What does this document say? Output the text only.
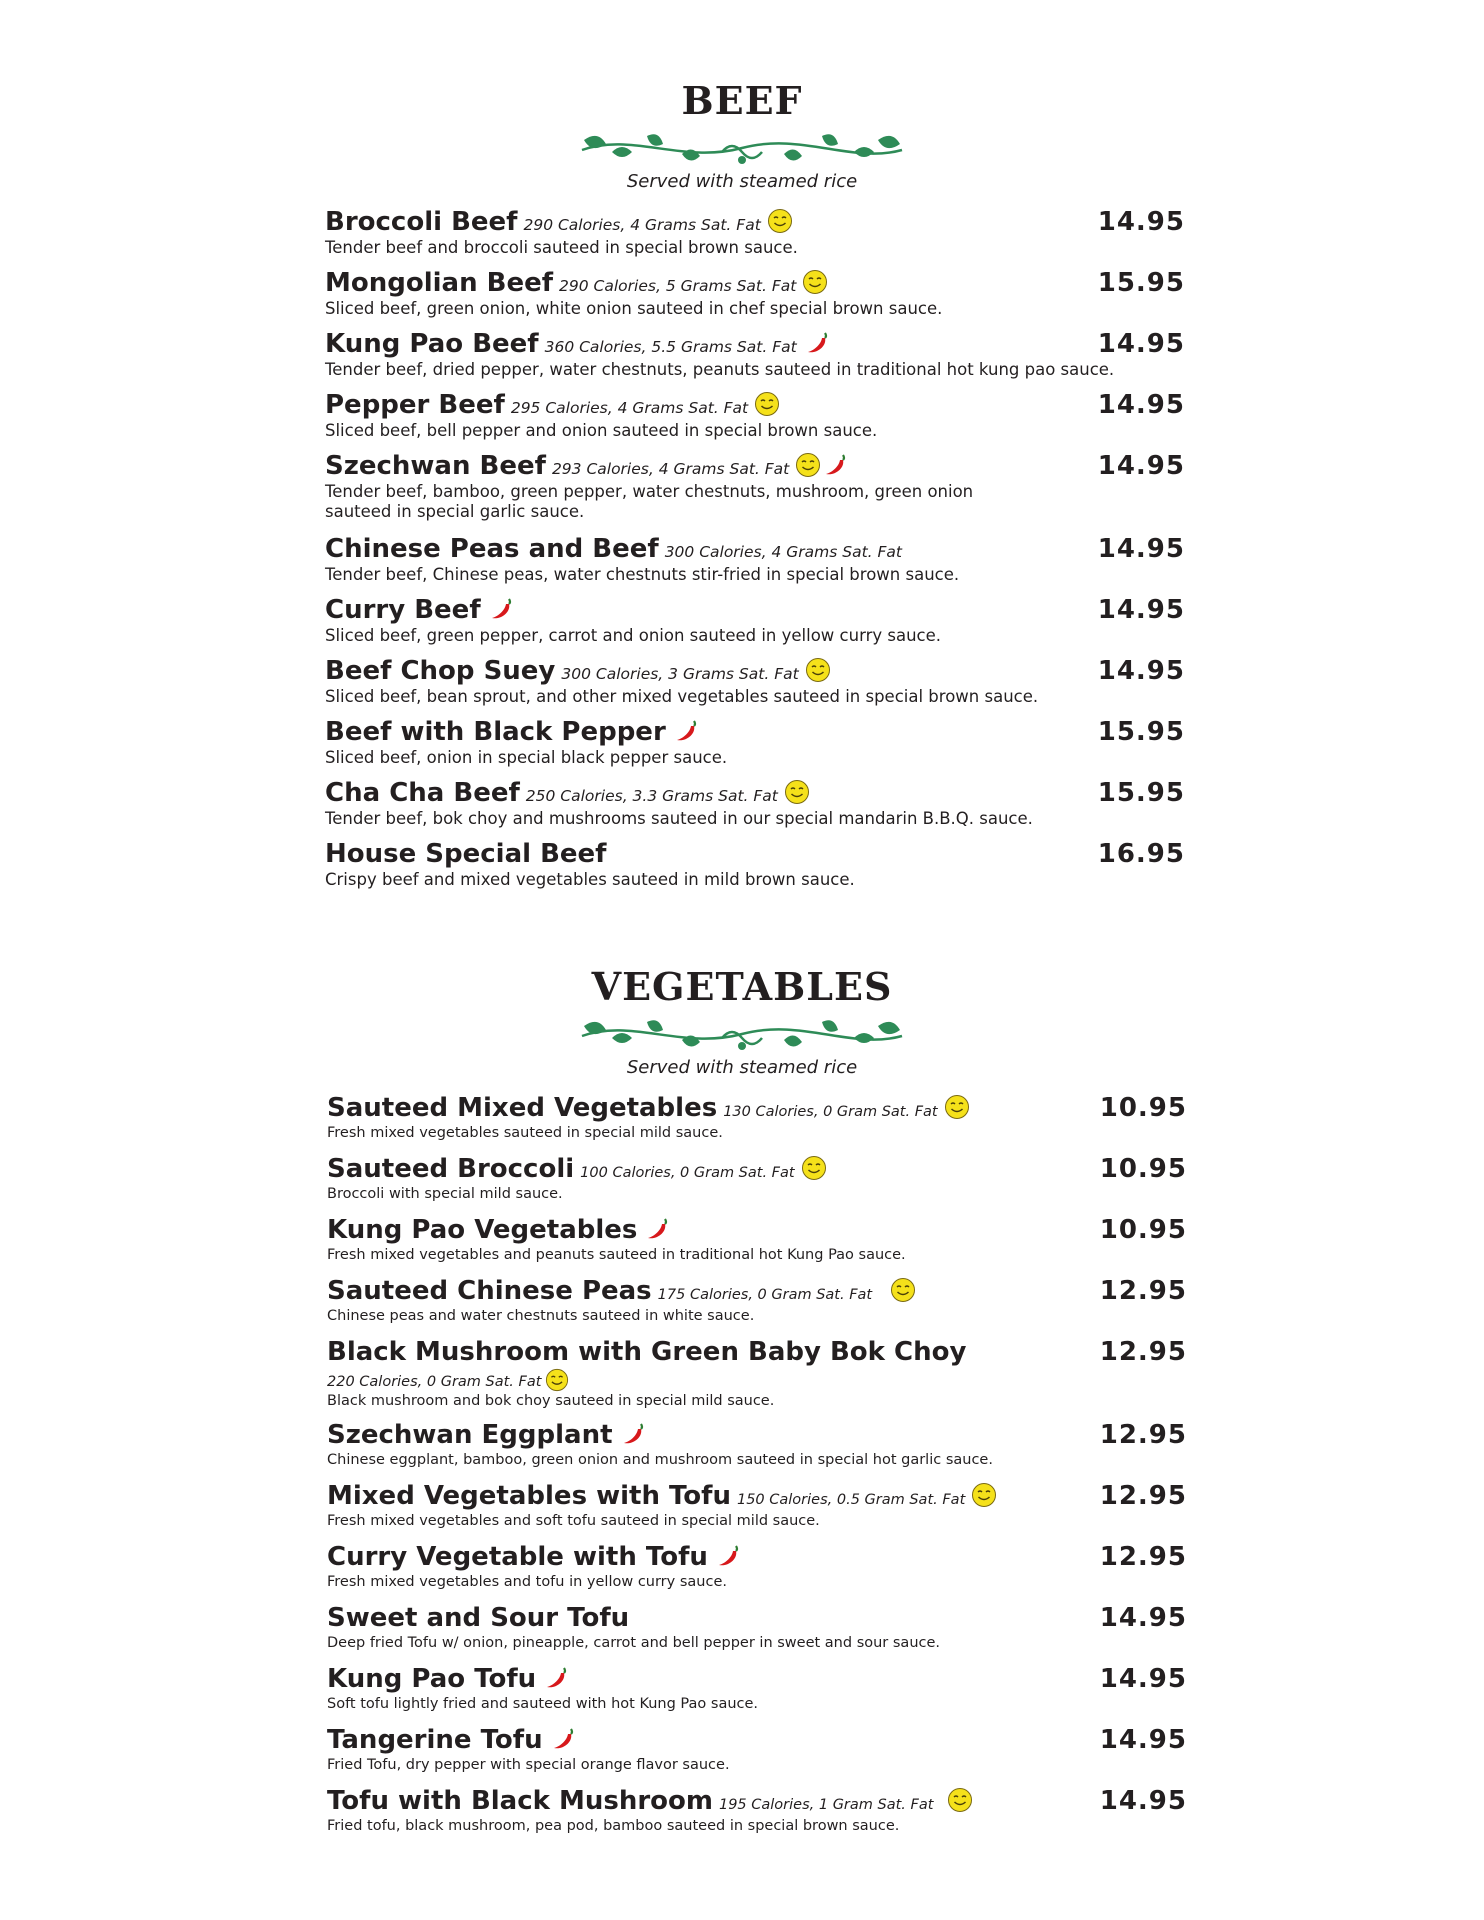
BEEF
Served with steamed rice
Broccoli Beef 290 Calories, 4 Grams Sat. Fat	14.95
Tender beef and broccoli sauteed in special brown sauce.
Mongolian Beef 290 Calories, 5 Grams Sat. Fat	15.95
Sliced beef, green onion, white onion sauteed in chef special brown sauce.
Kung Pao Beef 360 Calories, 5.5 Grams Sat. Fat	14.95
Tender beef, dried pepper, water chestnuts, peanuts sauteed in traditional hot kung pao sauce.
Pepper Beef 295 Calories, 4 Grams Sat. Fat	14.95
Sliced beef, bell pepper and onion sauteed in special brown sauce.
Szechwan Beef 293 Calories, 4 Grams Sat. Fat	14.95
Tender beef, bamboo, green pepper, water chestnuts, mushroom, green onion
sauteed in special garlic sauce.
Chinese Peas and Beef 300 Calories, 4 Grams Sat. Fat	14.95
Tender beef, Chinese peas, water chestnuts stir-fried in special brown sauce.
Curry Beef	14.95
Sliced beef, green pepper, carrot and onion sauteed in yellow curry sauce.
Beef Chop Suey 300 Calories, 3 Grams Sat. Fat	14.95
Sliced beef, bean sprout, and other mixed vegetables sauteed in special brown sauce.
Beef with Black Pepper	15.95
Sliced beef, onion in special black pepper sauce.
Cha Cha Beef 250 Calories, 3.3 Grams Sat. Fat	15.95
Tender beef, bok choy and mushrooms sauteed in our special mandarin B.B.Q. sauce.
House Special Beef	16.95
Crispy beef and mixed vegetables sauteed in mild brown sauce.
VEGETABLES
Served with steamed rice
Sauteed Mixed Vegetables 130 Calories, 0 Gram Sat. Fat	10.95
Fresh mixed vegetables sauteed in special mild sauce.
Sauteed Broccoli 100 Calories, 0 Gram Sat. Fat	10.95
Broccoli with special mild sauce.
Kung Pao Vegetables	10.95
Fresh mixed vegetables and peanuts sauteed in traditional hot Kung Pao sauce.
Sauteed Chinese Peas 175 Calories, 0 Gram Sat. Fat	12.95
Chinese peas and water chestnuts sauteed in white sauce.
Black Mushroom with Green Baby Bok Choy	12.95
220 Calories, 0 Gram Sat. Fat
Black mushroom and bok choy sauteed in special mild sauce.
Szechwan Eggplant	12.95
Chinese eggplant, bamboo, green onion and mushroom sauteed in special hot garlic sauce.
Mixed Vegetables with Tofu 150 Calories, 0.5 Gram Sat. Fat	12.95
Fresh mixed vegetables and soft tofu sauteed in special mild sauce.
Curry Vegetable with Tofu	12.95
Fresh mixed vegetables and tofu in yellow curry sauce.
Sweet and Sour Tofu	14.95
Deep fried Tofu w/ onion, pineapple, carrot and bell pepper in sweet and sour sauce.
Kung Pao Tofu	14.95
Soft tofu lightly fried and sauteed with hot Kung Pao sauce.
Tangerine Tofu	14.95
Fried Tofu, dry pepper with special orange flavor sauce.
Tofu with Black Mushroom 195 Calories, 1 Gram Sat. Fat	14.95
Fried tofu, black mushroom, pea pod, bamboo sauteed in special brown sauce.
